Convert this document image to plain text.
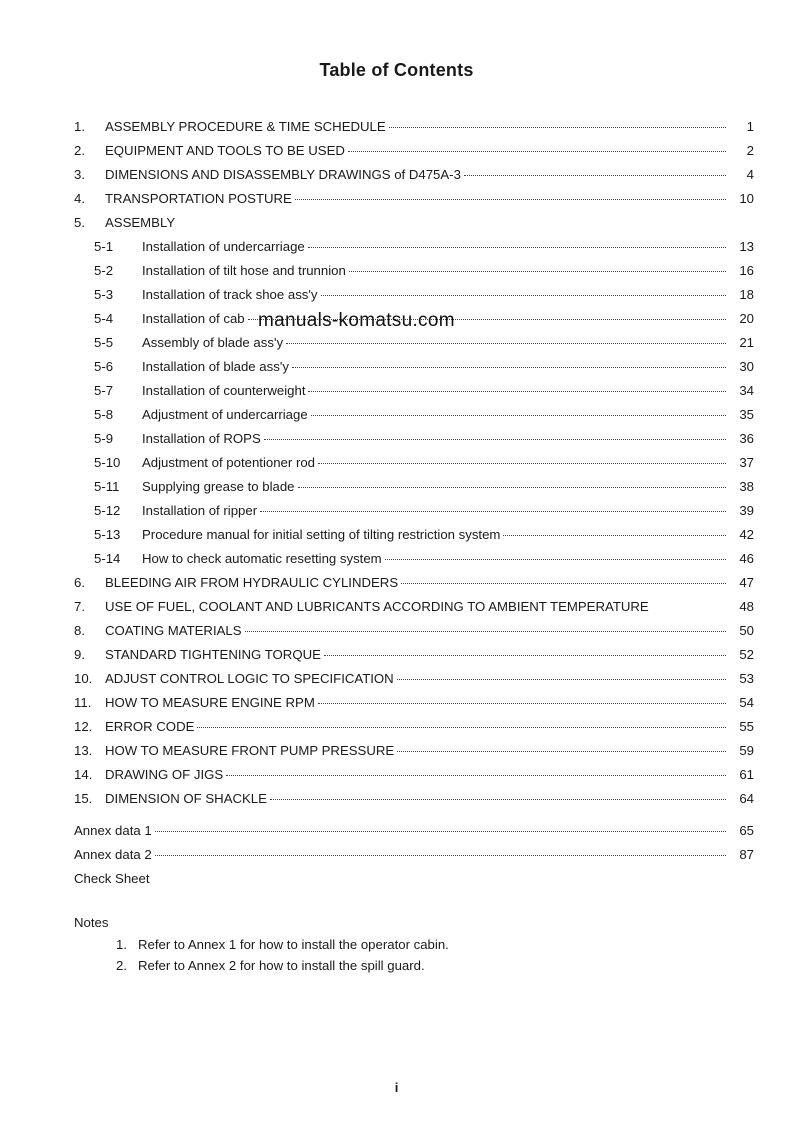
Table of Contents
1.	ASSEMBLY PROCEDURE & TIME SCHEDULE	1
2.	EQUIPMENT AND TOOLS TO BE USED	2
3.	DIMENSIONS AND DISASSEMBLY DRAWINGS of D475A-3	4
4.	TRANSPORTATION POSTURE	10
5.	ASSEMBLY
5-1	Installation of undercarriage	13
5-2	Installation of tilt hose and trunnion	16
5-3	Installation of track shoe ass'y	18
5-4	Installation of cab	20
5-5	Assembly of blade ass'y	21
5-6	Installation of blade ass'y	30
5-7	Installation of counterweight	34
5-8	Adjustment of undercarriage	35
5-9	Installation of ROPS	36
5-10	Adjustment of potentioner rod	37
5-11	Supplying grease to blade	38
5-12	Installation of ripper	39
5-13	Procedure manual for initial setting of tilting restriction system	42
5-14	How to check automatic resetting system	46
6.	BLEEDING AIR FROM HYDRAULIC CYLINDERS	47
7.	USE OF FUEL, COOLANT AND LUBRICANTS ACCORDING TO AMBIENT TEMPERATURE	48
8.	COATING MATERIALS	50
9.	STANDARD TIGHTENING TORQUE	52
10. ADJUST CONTROL LOGIC TO SPECIFICATION	53
11.	HOW TO MEASURE ENGINE RPM	54
12. ERROR CODE	55
13. HOW TO MEASURE FRONT PUMP PRESSURE	59
14. DRAWING OF JIGS	61
15. DIMENSION OF SHACKLE	64
Annex data 1	65
Annex data 2	87
Check Sheet
manuals-komatsu.com
Notes
1. Refer to Annex 1 for how to install the operator cabin.
2. Refer to Annex 2 for how to install the spill guard.
i
